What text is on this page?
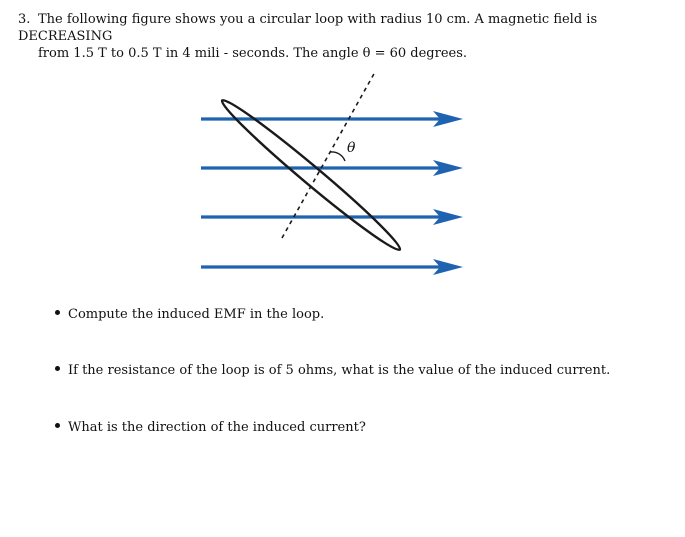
3. The following figure shows you a circular loop with radius 10 cm. A magnetic field is DECREASING
from 1.5 T to 0.5 T in 4 mili - seconds. The angle θ = 60 degrees.
θ
Compute the induced EMF in the loop.
If the resistance of the loop is of 5 ohms, what is the value of the induced current.
What is the direction of the induced current?
